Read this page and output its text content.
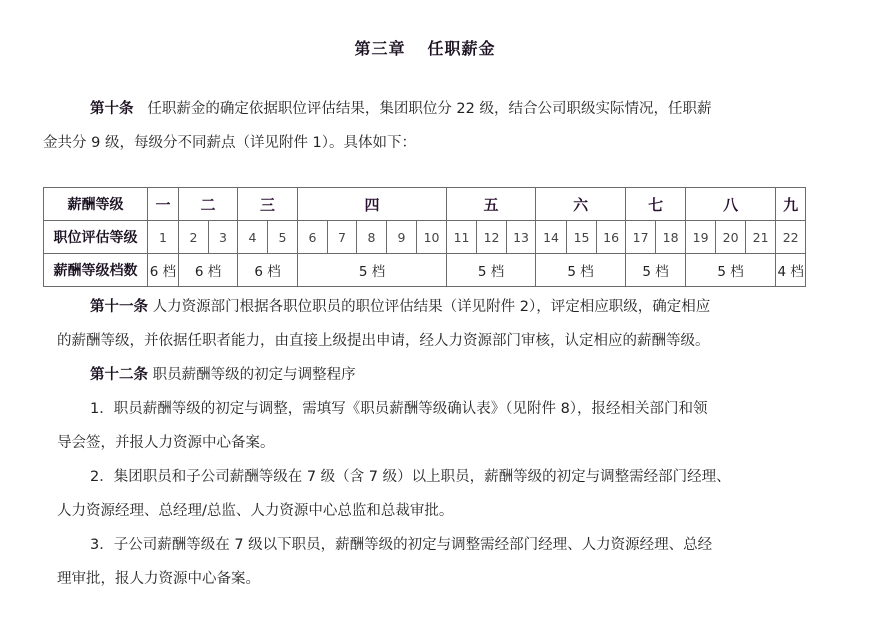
第三章 任职薪金
第十条 任职薪金的确定依据职位评估结果，集团职位分 22 级，结合公司职级实际情况，任职薪
金共分 9 级，每级分不同薪点（详见附件 1）。具体如下：
薪酬等级	一	二		三		四					五			六			七		八			九
职位评估等级	1	2	3	4	5	6	7	8	9	10	11	12	13	14	15	16	17	18	19	20	21	22
薪酬等级档数	6 档	6 档		6 档		5 档					5 档			5 档			5 档		5 档			4 档
第十一条 人力资源部门根据各职位职员的职位评估结果（详见附件 2），评定相应职级，确定相应
的薪酬等级，并依据任职者能力，由直接上级提出申请，经人力资源部门审核，认定相应的薪酬等级。
第十二条 职员薪酬等级的初定与调整程序
1．职员薪酬等级的初定与调整，需填写《职员薪酬等级确认表》（见附件 8），报经相关部门和领
导会签，并报人力资源中心备案。
2．集团职员和子公司薪酬等级在 7 级（含 7 级）以上职员，薪酬等级的初定与调整需经部门经理、
人力资源经理、总经理/总监、人力资源中心总监和总裁审批。
3．子公司薪酬等级在 7 级以下职员，薪酬等级的初定与调整需经部门经理、人力资源经理、总经
理审批，报人力资源中心备案。
